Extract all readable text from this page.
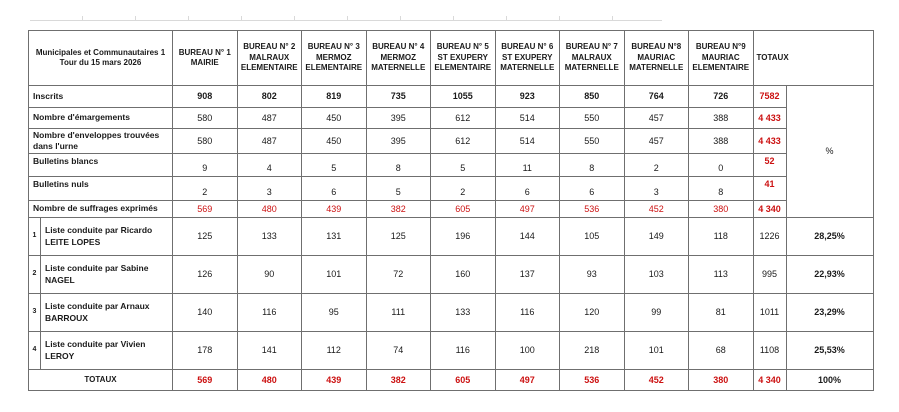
Municipales et Communautaires 1
Tour du 15 mars 2026		BUREAU N° 1 MAIRIE	BUREAU N° 2 MALRAUX ELEMENTAIRE	BUREAU N° 3 MERMOZ ELEMENTAIRE	BUREAU N° 4 MERMOZ MATERNELLE	BUREAU N° 5 ST EXUPERY ELEMENTAIRE	BUREAU N° 6 ST EXUPERY MATERNELLE	BUREAU N° 7 MALRAUX MATERNELLE	BUREAU N°8 MAURIAC MATERNELLE	BUREAU N°9 MAURIAC ELEMENTAIRE	TOTAUX	
Inscrits		908	802	819	735	1055	923	850	764	726	7582	%
Nombre d'émargements		580	487	450	395	612	514	550	457	388	4 433	
Nombre d'enveloppes trouvées dans l'urne		580	487	450	395	612	514	550	457	388	4 433	
Bulletins blancs		9	4	5	8	5	11	8	2	0	52	
Bulletins nuls		2	3	6	5	2	6	6	3	8	41	
Nombre de suffrages exprimés		569	480	439	382	605	497	536	452	380	4 340	
1	Liste conduite par Ricardo LEITE LOPES	125	133	131	125	196	144	105	149	118	1226	28,25%
2	Liste conduite par Sabine NAGEL	126	90	101	72	160	137	93	103	113	995	22,93%
3	Liste conduite par Arnaux BARROUX	140	116	95	111	133	116	120	99	81	1011	23,29%
4	Liste conduite par Vivien LEROY	178	141	112	74	116	100	218	101	68	1108	25,53%
TOTAUX		569	480	439	382	605	497	536	452	380	4 340	100%
